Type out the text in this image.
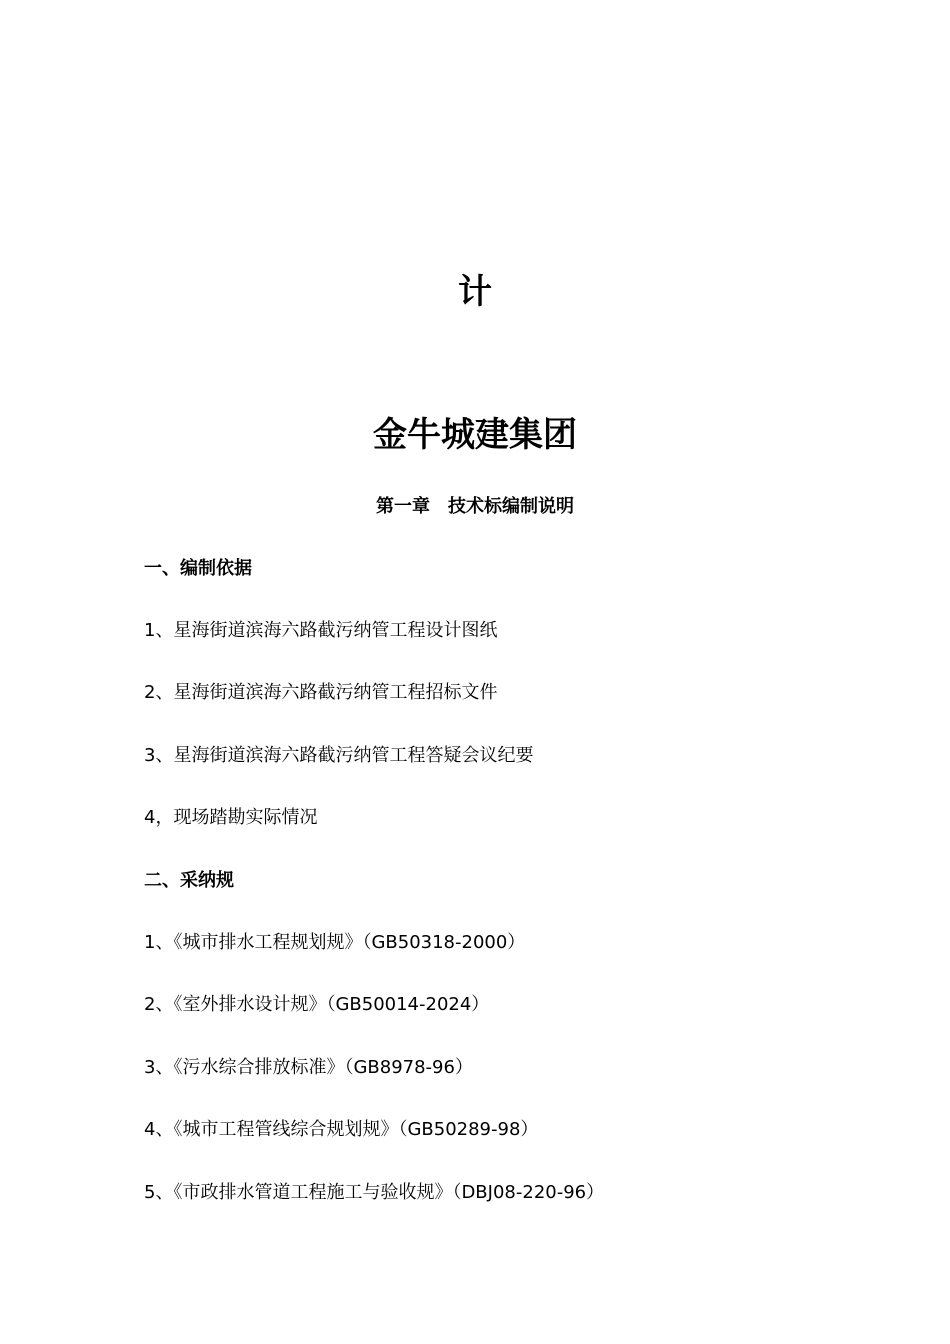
计
金牛城建集团
第一章 技术标编制说明
一、编制依据
1、星海街道滨海六路截污纳管工程设计图纸
2、星海街道滨海六路截污纳管工程招标文件
3、星海街道滨海六路截污纳管工程答疑会议纪要
4，现场踏勘实际情况
二、采纳规
1、《城市排水工程规划规》（GB50318-2000）
2、《室外排水设计规》（GB50014-2024）
3、《污水综合排放标准》（GB8978-96）
4、《城市工程管线综合规划规》（GB50289-98）
5、《市政排水管道工程施工与验收规》（DBJ08-220-96）
